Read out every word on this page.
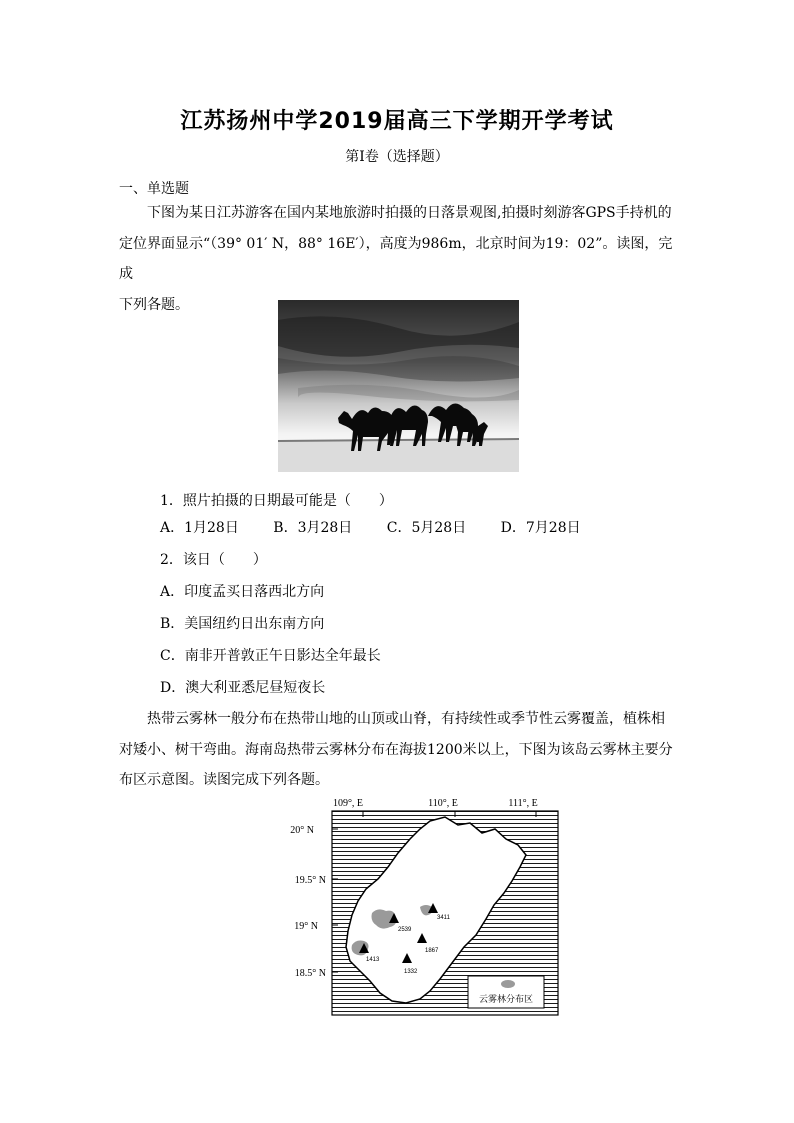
江苏扬州中学2019届高三下学期开学考试
第Ⅰ卷（选择题）
一、单选题
下图为某日江苏游客在国内某地旅游时拍摄的日落景观图,拍摄时刻游客GPS手持机的
定位界面显示“（39° 01′ N，88° 16E′），高度为986m，北京时间为19：02”。读图，完成
下列各题。
1．照片拍摄的日期最可能是（　　）
A．1月28日 B．3月28日 C．5月28日 D．7月28日
2．该日（　　）
A．印度孟买日落西北方向
B．美国纽约日出东南方向
C．南非开普敦正午日影达全年最长
D．澳大利亚悉尼昼短夜长
热带云雾林一般分布在热带山地的山顶或山脊，有持续性或季节性云雾覆盖，植株相
对矮小、树干弯曲。海南岛热带云雾林分布在海拔1200米以上，下图为该岛云雾林主要分
布区示意图。读图完成下列各题。
109°, E	110°, E	111°, E
20° N
19.5° N
19° N
18.5° N
3411
2539
1867
1413
1332
云雾林分布区
